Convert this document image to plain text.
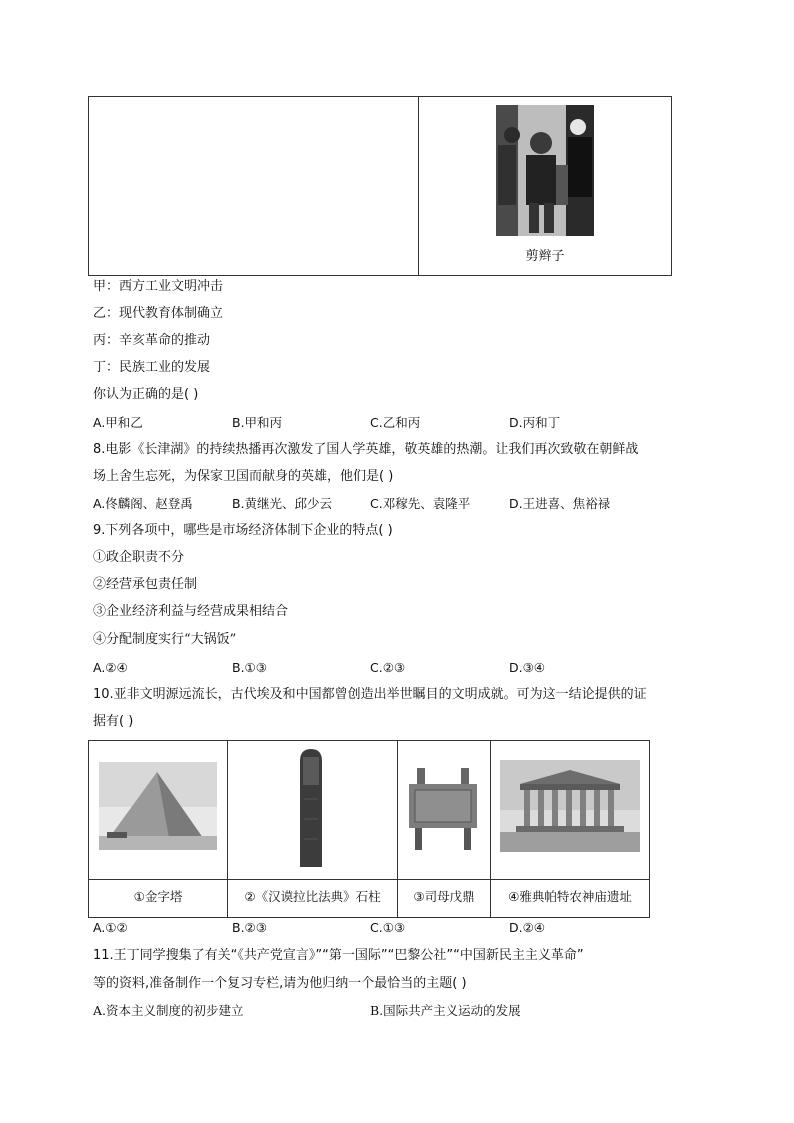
剪辫子
甲：西方工业文明冲击
乙：现代教育体制确立
丙：辛亥革命的推动
丁：民族工业的发展
你认为正确的是( )
A.甲和乙	B.甲和丙	C.乙和丙	D.丙和丁
8.电影《长津湖》的持续热播再次激发了国人学英雄，敬英雄的热潮。让我们再次致敬在朝鲜战
场上舍生忘死，为保家卫国而献身的英雄，他们是( )
A.佟麟阁、赵登禹	B.黄继光、邱少云	C.邓稼先、袁隆平	D.王进喜、焦裕禄
9.下列各项中，哪些是市场经济体制下企业的特点( )
①政企职责不分
②经营承包责任制
③企业经济利益与经营成果相结合
④分配制度实行“大锅饭”
A.②④	B.①③	C.②③	D.③④
10.亚非文明源远流长，古代埃及和中国都曾创造出举世瞩目的文明成就。可为这一结论提供的证
据有( )
①金字塔	②《汉谟拉比法典》石柱	③司母戊鼎	④雅典帕特农神庙遗址
A.①②	B.②③	C.①③	D.②④
11.王丁同学搜集了有关“《共产党宣言》”“第一国际”“巴黎公社”“中国新民主主义革命”
等的资料,准备制作一个复习专栏,请为他归纳一个最恰当的主题( )
A.资本主义制度的初步建立	B.国际共产主义运动的发展
